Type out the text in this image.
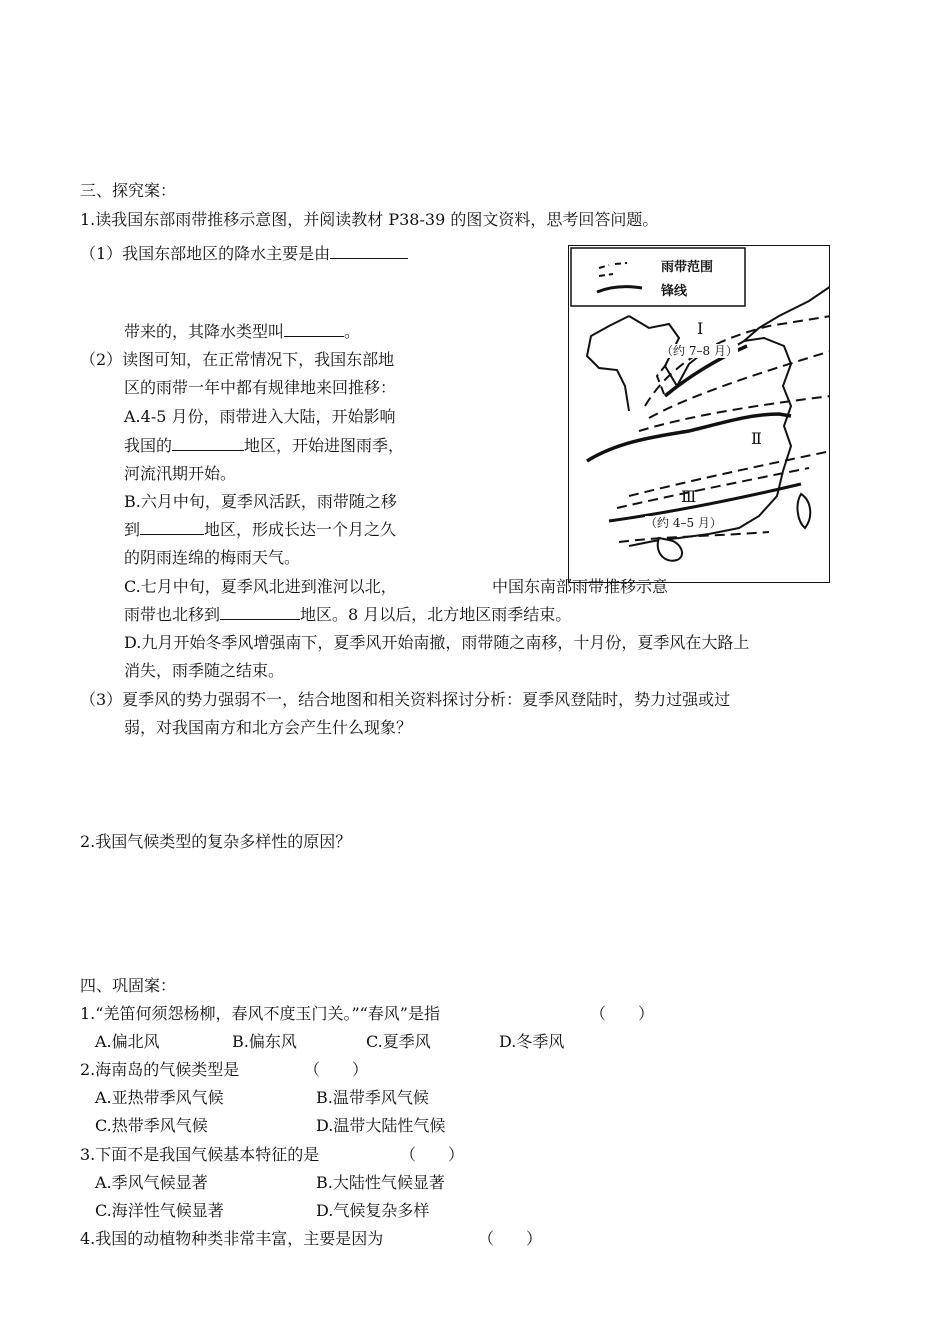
三、探究案：
1.读我国东部雨带推移示意图，并阅读教材 P38-39 的图文资料，思考回答问题。
（1）我国东部地区的降水主要是由
带来的，其降水类型叫	。
（2）读图可知，在正常情况下，我国东部地
区的雨带一年中都有规律地来回推移：
A.4-5 月份，雨带进入大陆，开始影响
我国的	地区，开始进图雨季，
河流汛期开始。
B.六月中旬，夏季风活跃，雨带随之移
到	地区，形成长达一个月之久
的阴雨连绵的梅雨天气。
C.七月中旬，夏季风北进到淮河以北，
雨带也北移到	地区。8 月以后，北方地区雨季结束。
D.九月开始冬季风增强南下，夏季风开始南撤，雨带随之南移，十月份，夏季风在大路上
消失，雨季随之结束。
（3）夏季风的势力强弱不一，结合地图和相关资料探讨分析：夏季风登陆时，势力过强或过
弱，对我国南方和北方会产生什么现象？
2.我国气候类型的复杂多样性的原因？
雨带范围
锋线
Ⅰ
（约 7–8 月）
Ⅱ
Ⅲ
（约 4–5 月）
中国东南部雨带推移示意
四、巩固案：
1.“羌笛何须怨杨柳，春风不度玉门关。”“春风”是指	（　　）
A.偏北风	B.偏东风	C.夏季风	D.冬季风
2.海南岛的气候类型是	（　　）
A.亚热带季风气候	B.温带季风气候
C.热带季风气候	D.温带大陆性气候
3.下面不是我国气候基本特征的是	（　　）
A.季风气候显著	B.大陆性气候显著
C.海洋性气候显著	D.气候复杂多样
4.我国的动植物种类非常丰富，主要是因为	（　　）
